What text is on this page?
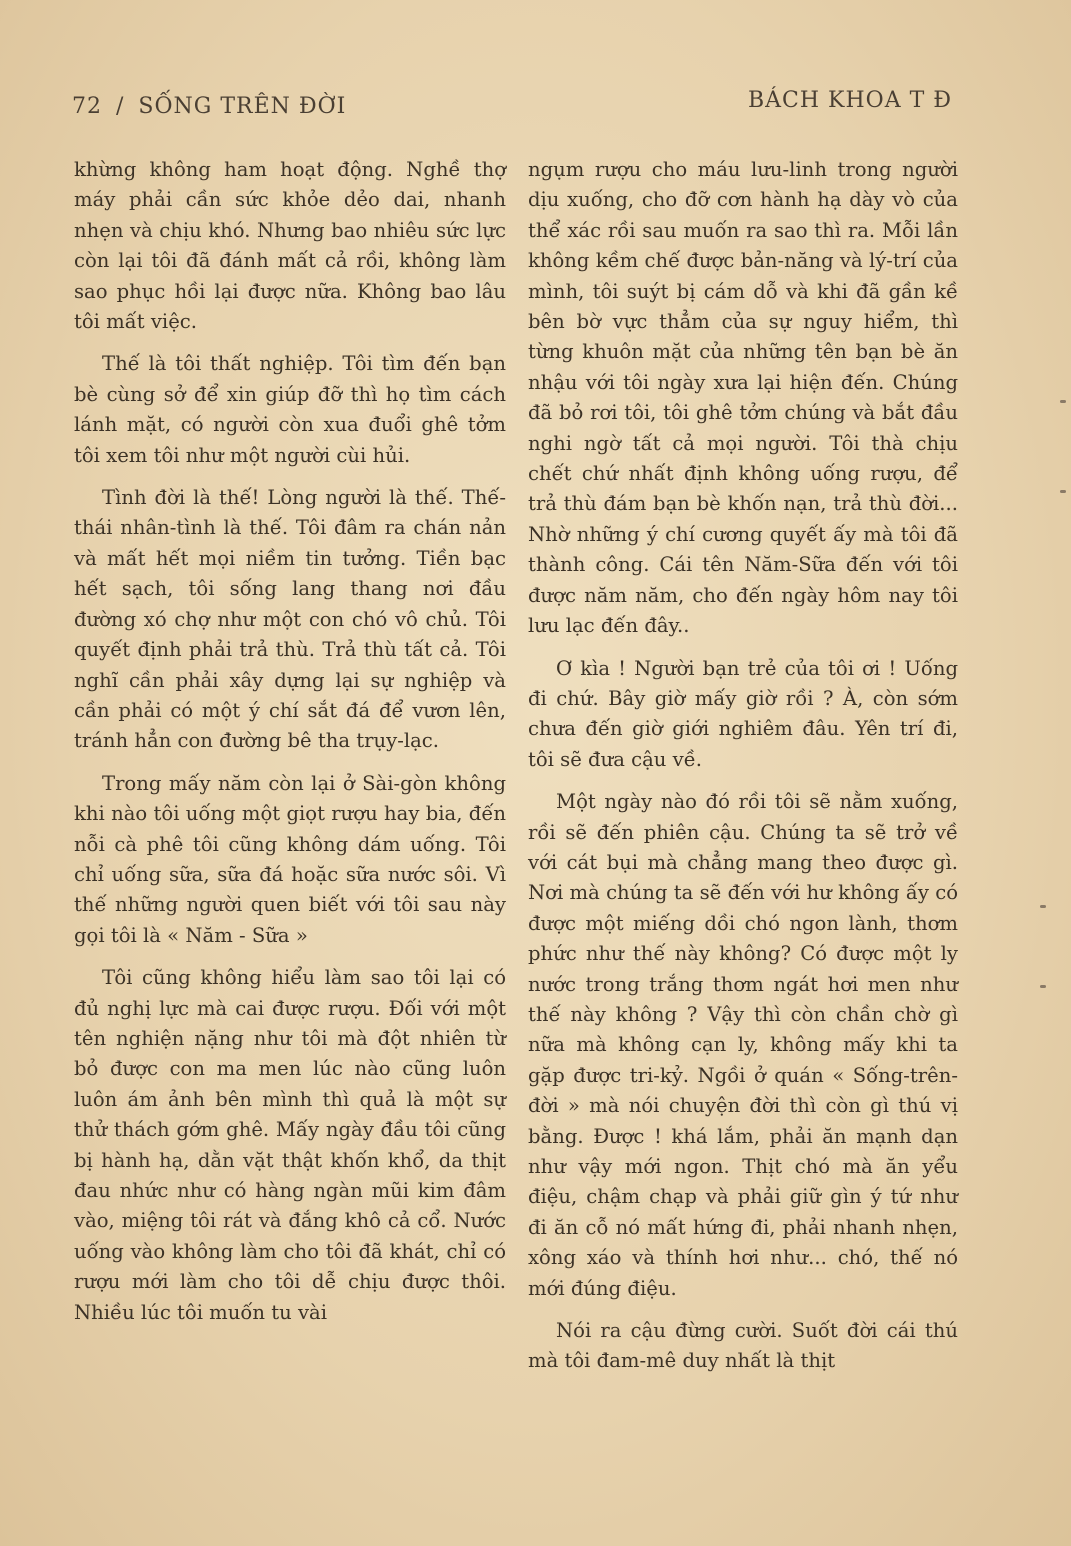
72 / SỐNG TRÊN ĐỜI	BÁCH KHOA T Đ

khừng không ham hoạt động. Nghề thợ máy phải cần sức khỏe dẻo dai, nhanh nhẹn và chịu khó. Nhưng bao nhiêu sức lực còn lại tôi đã đánh mất cả rồi, không làm sao phục hồi lại được nữa. Không bao lâu tôi mất việc.

Thế là tôi thất nghiệp. Tôi tìm đến bạn bè cùng sở để xin giúp đỡ thì họ tìm cách lánh mặt, có người còn xua đuổi ghê tởm tôi xem tôi như một người cùi hủi.

Tình đời là thế! Lòng người là thế. Thế-thái nhân-tình là thế. Tôi đâm ra chán nản và mất hết mọi niềm tin tưởng. Tiền bạc hết sạch, tôi sống lang thang nơi đầu đường xó chợ như một con chó vô chủ. Tôi quyết định phải trả thù. Trả thù tất cả. Tôi nghĩ cần phải xây dựng lại sự nghiệp và cần phải có một ý chí sắt đá để vươn lên, tránh hẳn con đường bê tha trụy-lạc.

Trong mấy năm còn lại ở Sài-gòn không khi nào tôi uống một giọt rượu hay bia, đến nỗi cà phê tôi cũng không dám uống. Tôi chỉ uống sữa, sữa đá hoặc sữa nước sôi. Vì thế những người quen biết với tôi sau này gọi tôi là « Năm - Sữa »

Tôi cũng không hiểu làm sao tôi lại có đủ nghị lực mà cai được rượu. Đối với một tên nghiện nặng như tôi mà đột nhiên từ bỏ được con ma men lúc nào cũng luôn luôn ám ảnh bên mình thì quả là một sự thử thách gớm ghê. Mấy ngày đầu tôi cũng bị hành hạ, dằn vặt thật khốn khổ, da thịt đau nhức như có hàng ngàn mũi kim đâm vào, miệng tôi rát và đắng khô cả cổ. Nước uống vào không làm cho tôi đã khát, chỉ có rượu mới làm cho tôi dễ chịu được thôi. Nhiều lúc tôi muốn tu vài

ngụm rượu cho máu lưu-linh trong người dịu xuống, cho đỡ cơn hành hạ dày vò của thể xác rồi sau muốn ra sao thì ra. Mỗi lần không kềm chế được bản-năng và lý-trí của mình, tôi suýt bị cám dỗ và khi đã gần kề bên bờ vực thẳm của sự nguy hiểm, thì từng khuôn mặt của những tên bạn bè ăn nhậu với tôi ngày xưa lại hiện đến. Chúng đã bỏ rơi tôi, tôi ghê tởm chúng và bắt đầu nghi ngờ tất cả mọi người. Tôi thà chịu chết chứ nhất định không uống rượu, để trả thù đám bạn bè khốn nạn, trả thù đời... Nhờ những ý chí cương quyết ấy mà tôi đã thành công. Cái tên Năm-Sữa đến với tôi được năm năm, cho đến ngày hôm nay tôi lưu lạc đến đây..

Ơ kìa ! Người bạn trẻ của tôi ơi ! Uống đi chứ. Bây giờ mấy giờ rồi ? À, còn sớm chưa đến giờ giới nghiêm đâu. Yên trí đi, tôi sẽ đưa cậu về.

Một ngày nào đó rồi tôi sẽ nằm xuống, rồi sẽ đến phiên cậu. Chúng ta sẽ trở về với cát bụi mà chẳng mang theo được gì. Nơi mà chúng ta sẽ đến với hư không ấy có được một miếng dồi chó ngon lành, thơm phức như thế này không? Có được một ly nước trong trắng thơm ngát hơi men như thế này không ? Vậy thì còn chần chờ gì nữa mà không cạn ly, không mấy khi ta gặp được tri-kỷ. Ngồi ở quán « Sống-trên-đời » mà nói chuyện đời thì còn gì thú vị bằng. Được ! khá lắm, phải ăn mạnh dạn như vậy mới ngon. Thịt chó mà ăn yểu điệu, chậm chạp và phải giữ gìn ý tứ như đi ăn cỗ nó mất hứng đi, phải nhanh nhẹn, xông xáo và thính hơi như... chó, thế nó mới đúng điệu.

Nói ra cậu đừng cười. Suốt đời cái thú mà tôi đam-mê duy nhất là thịt
